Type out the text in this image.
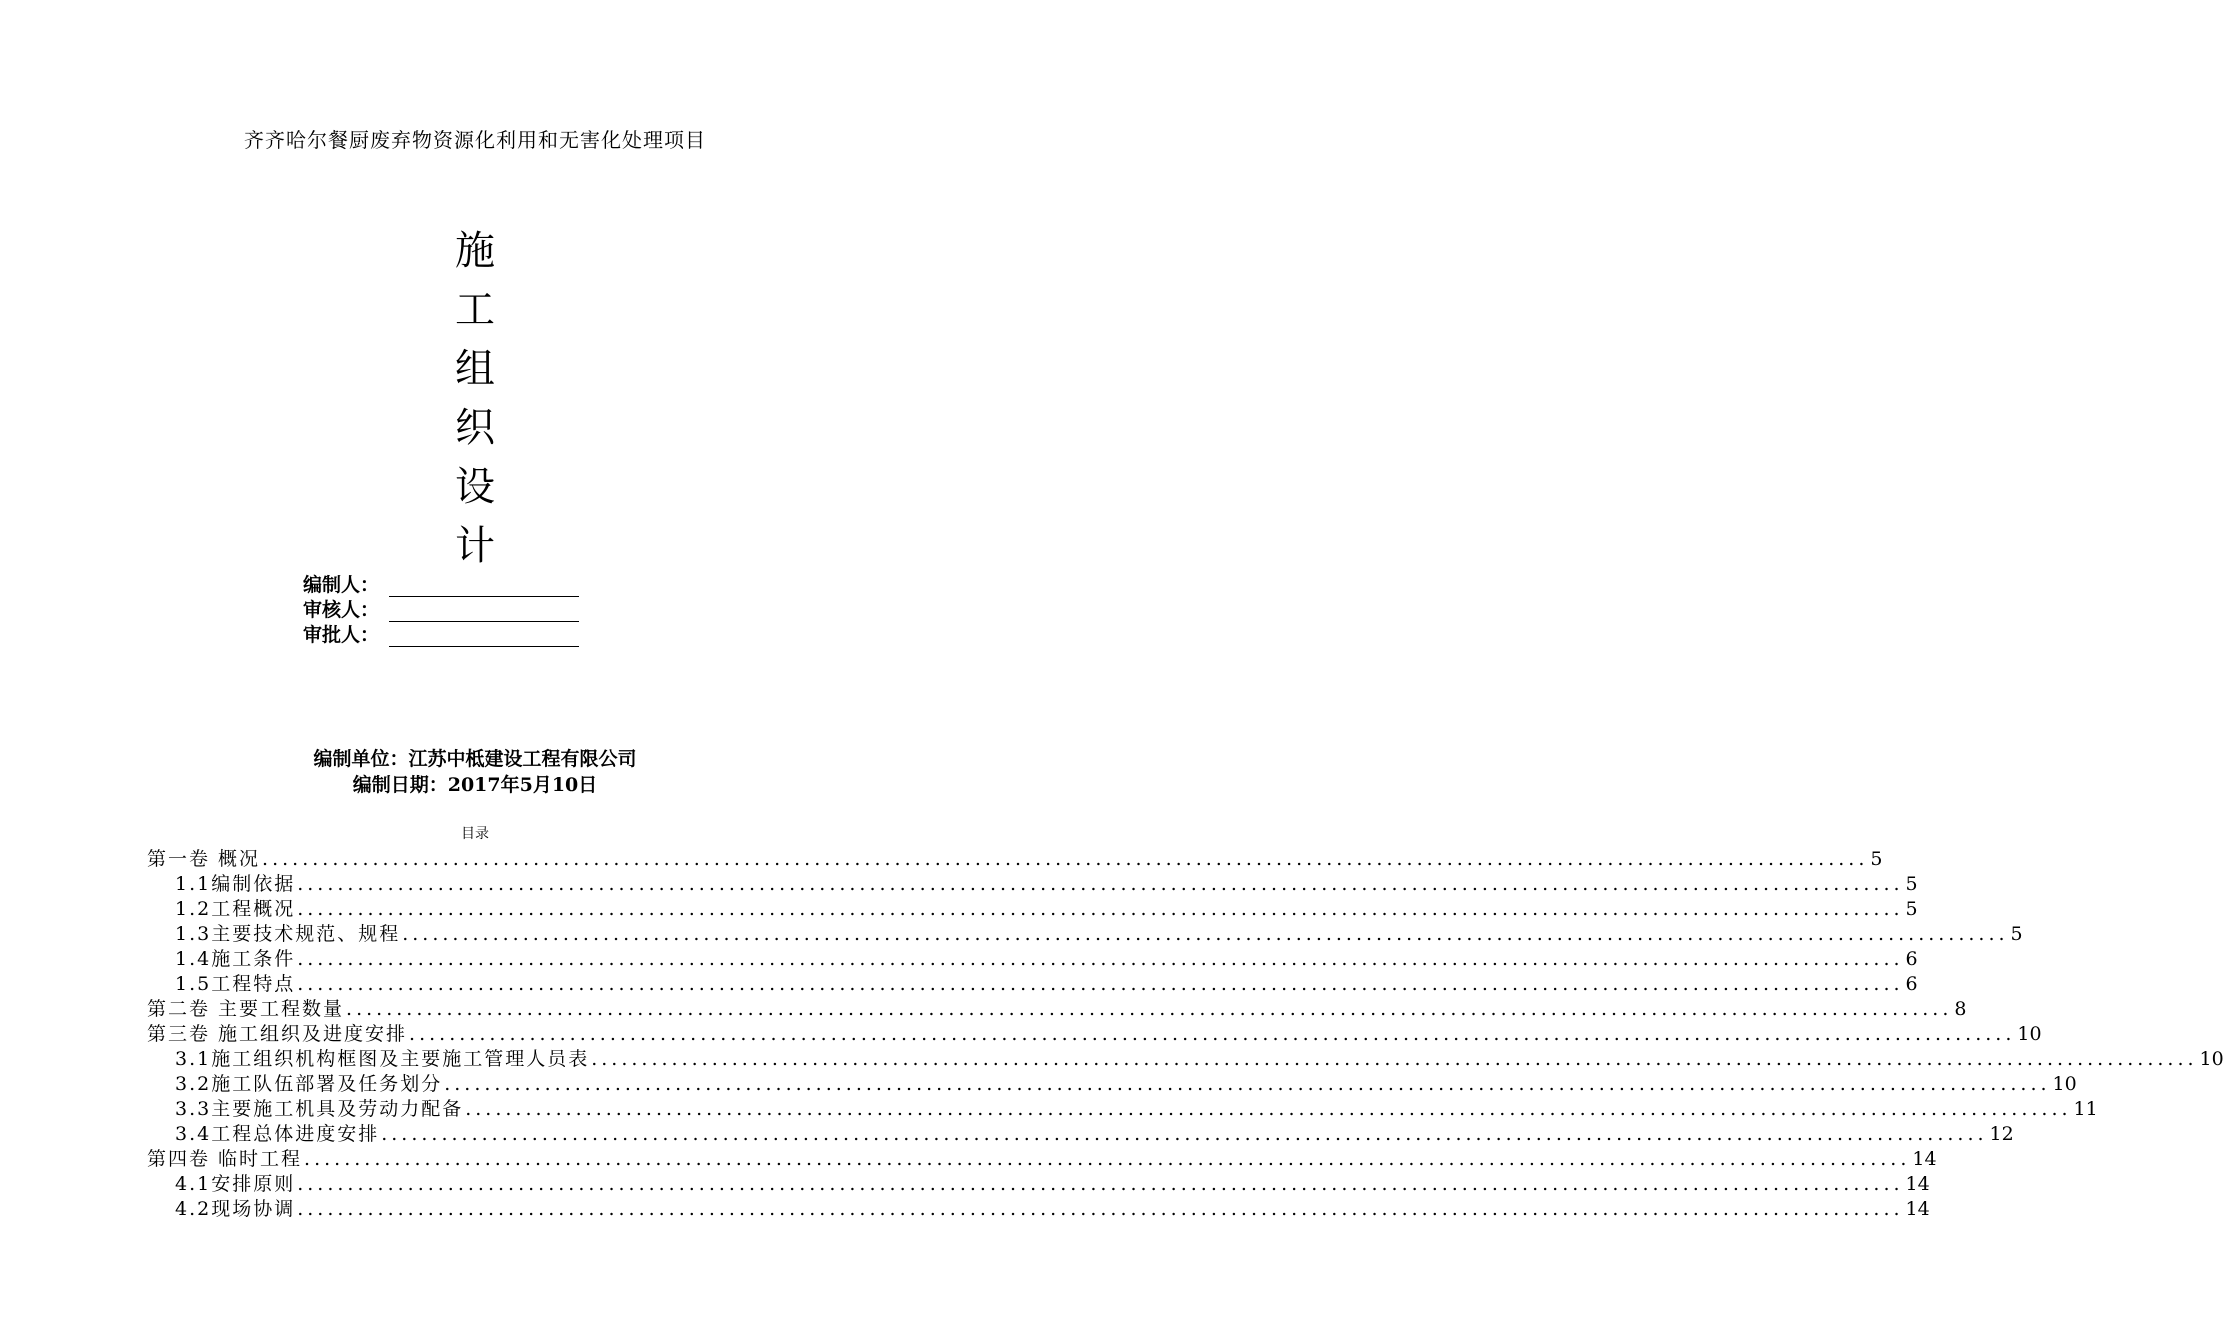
齐齐哈尔餐厨废弃物资源化利用和无害化处理项目
施
工
组
织
设
计
编制人：
审核人：
审批人：
编制单位：江苏中柢建设工程有限公司
编制日期：2017年5月10日
目录
第一卷 概况 ................................................................................................................................................................ 5
1.1编制依据 ................................................................................................................................................................ 5
1.2工程概况 ................................................................................................................................................................ 5
1.3主要技术规范、规程 ................................................................................................................................................................ 5
1.4施工条件 ................................................................................................................................................................ 6
1.5工程特点 ................................................................................................................................................................ 6
第二卷 主要工程数量 ................................................................................................................................................................ 8
第三卷 施工组织及进度安排 ................................................................................................................................................................ 10
3.1施工组织机构框图及主要施工管理人员表 ................................................................................................................................................................ 10
3.2施工队伍部署及任务划分 ................................................................................................................................................................ 10
3.3主要施工机具及劳动力配备 ................................................................................................................................................................ 11
3.4工程总体进度安排 ................................................................................................................................................................ 12
第四卷 临时工程 ................................................................................................................................................................ 14
4.1安排原则 ................................................................................................................................................................ 14
4.2现场协调 ................................................................................................................................................................ 14
